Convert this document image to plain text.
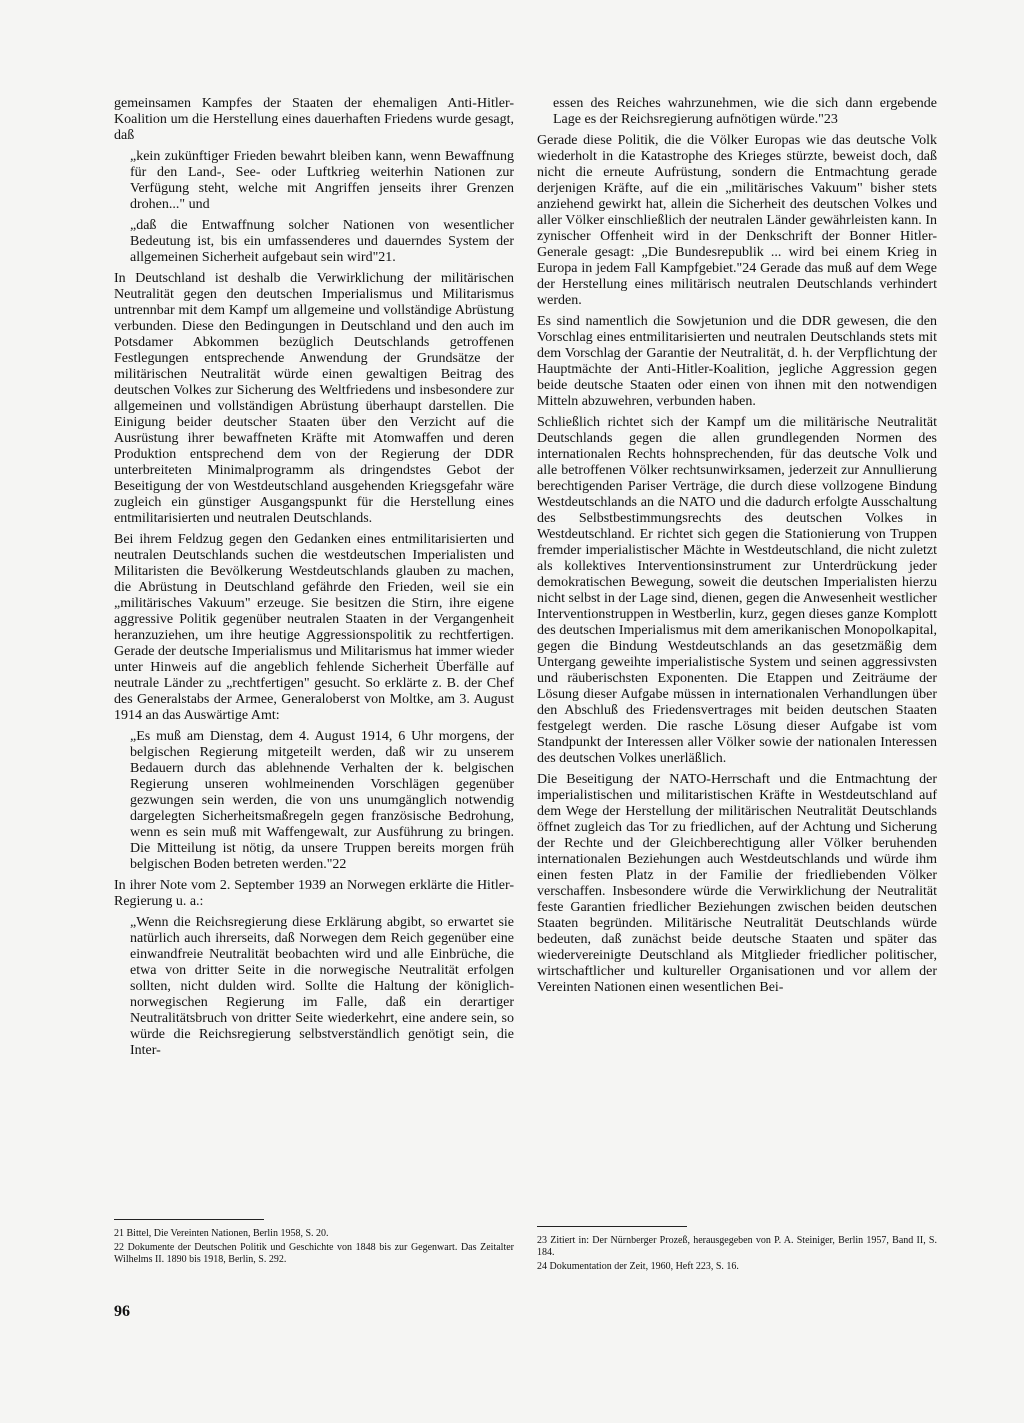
gemeinsamen Kampfes der Staaten der ehemaligen Anti-Hitler-Koalition um die Herstellung eines dauerhaften Friedens wurde gesagt, daß

„kein zukünftiger Frieden bewahrt bleiben kann, wenn Bewaffnung für den Land-, See- oder Luftkrieg weiterhin Nationen zur Verfügung steht, welche mit Angriffen jenseits ihrer Grenzen drohen..." und

„daß die Entwaffnung solcher Nationen von wesentlicher Bedeutung ist, bis ein umfassenderes und dauerndes System der allgemeinen Sicherheit aufgebaut sein wird"21.

In Deutschland ist deshalb die Verwirklichung der militärischen Neutralität gegen den deutschen Imperialismus und Militarismus untrennbar mit dem Kampf um allgemeine und vollständige Abrüstung verbunden. Diese den Bedingungen in Deutschland und den auch im Potsdamer Abkommen bezüglich Deutschlands getroffenen Festlegungen entsprechende Anwendung der Grundsätze der militärischen Neutralität würde einen gewaltigen Beitrag des deutschen Volkes zur Sicherung des Weltfriedens und insbesondere zur allgemeinen und vollständigen Abrüstung überhaupt darstellen. Die Einigung beider deutscher Staaten über den Verzicht auf die Ausrüstung ihrer bewaffneten Kräfte mit Atomwaffen und deren Produktion entsprechend dem von der Regierung der DDR unterbreiteten Minimalprogramm als dringendstes Gebot der Beseitigung der von Westdeutschland ausgehenden Kriegsgefahr wäre zugleich ein günstiger Ausgangspunkt für die Herstellung eines entmilitarisierten und neutralen Deutschlands.

Bei ihrem Feldzug gegen den Gedanken eines entmilitarisierten und neutralen Deutschlands suchen die westdeutschen Imperialisten und Militaristen die Bevölkerung Westdeutschlands glauben zu machen, die Abrüstung in Deutschland gefährde den Frieden, weil sie ein „militärisches Vakuum" erzeuge. Sie besitzen die Stirn, ihre eigene aggressive Politik gegenüber neutralen Staaten in der Vergangenheit heranzuziehen, um ihre heutige Aggressionspolitik zu rechtfertigen. Gerade der deutsche Imperialismus und Militarismus hat immer wieder unter Hinweis auf die angeblich fehlende Sicherheit Überfälle auf neutrale Länder zu „rechtfertigen" gesucht. So erklärte z. B. der Chef des Generalstabs der Armee, Generaloberst von Moltke, am 3. August 1914 an das Auswärtige Amt:

„Es muß am Dienstag, dem 4. August 1914, 6 Uhr morgens, der belgischen Regierung mitgeteilt werden, daß wir zu unserem Bedauern durch das ablehnende Verhalten der k. belgischen Regierung unseren wohlmeinenden Vorschlägen gegenüber gezwungen sein werden, die von uns unumgänglich notwendig dargelegten Sicherheitsmaßregeln gegen französische Bedrohung, wenn es sein muß mit Waffengewalt, zur Ausführung zu bringen. Die Mitteilung ist nötig, da unsere Truppen bereits morgen früh belgischen Boden betreten werden."22

In ihrer Note vom 2. September 1939 an Norwegen erklärte die Hitler-Regierung u. a.:

„Wenn die Reichsregierung diese Erklärung abgibt, so erwartet sie natürlich auch ihrerseits, daß Norwegen dem Reich gegenüber eine einwandfreie Neutralität beobachten wird und alle Einbrüche, die etwa von dritter Seite in die norwegische Neutralität erfolgen sollten, nicht dulden wird. Sollte die Haltung der königlich-norwegischen Regierung im Falle, daß ein derartiger Neutralitätsbruch von dritter Seite wiederkehrt, eine andere sein, so würde die Reichsregierung selbstverständlich genötigt sein, die Inter-

21 Bittel, Die Vereinten Nationen, Berlin 1958, S. 20.

22 Dokumente der Deutschen Politik und Geschichte von 1848 bis zur Gegenwart. Das Zeitalter Wilhelms II. 1890 bis 1918, Berlin, S. 292.

essen des Reiches wahrzunehmen, wie die sich dann ergebende Lage es der Reichsregierung aufnötigen würde."23

Gerade diese Politik, die die Völker Europas wie das deutsche Volk wiederholt in die Katastrophe des Krieges stürzte, beweist doch, daß nicht die erneute Aufrüstung, sondern die Entmachtung gerade derjenigen Kräfte, auf die ein „militärisches Vakuum" bisher stets anziehend gewirkt hat, allein die Sicherheit des deutschen Volkes und aller Völker einschließlich der neutralen Länder gewährleisten kann. In zynischer Offenheit wird in der Denkschrift der Bonner Hitler-Generale gesagt: „Die Bundesrepublik ... wird bei einem Krieg in Europa in jedem Fall Kampfgebiet."24 Gerade das muß auf dem Wege der Herstellung eines militärisch neutralen Deutschlands verhindert werden.

Es sind namentlich die Sowjetunion und die DDR gewesen, die den Vorschlag eines entmilitarisierten und neutralen Deutschlands stets mit dem Vorschlag der Garantie der Neutralität, d. h. der Verpflichtung der Hauptmächte der Anti-Hitler-Koalition, jegliche Aggression gegen beide deutsche Staaten oder einen von ihnen mit den notwendigen Mitteln abzuwehren, verbunden haben.

Schließlich richtet sich der Kampf um die militärische Neutralität Deutschlands gegen die allen grundlegenden Normen des internationalen Rechts hohnsprechenden, für das deutsche Volk und alle betroffenen Völker rechtsunwirksamen, jederzeit zur Annullierung berechtigenden Pariser Verträge, die durch diese vollzogene Bindung Westdeutschlands an die NATO und die dadurch erfolgte Ausschaltung des Selbstbestimmungsrechts des deutschen Volkes in Westdeutschland. Er richtet sich gegen die Stationierung von Truppen fremder imperialistischer Mächte in Westdeutschland, die nicht zuletzt als kollektives Interventionsinstrument zur Unterdrückung jeder demokratischen Bewegung, soweit die deutschen Imperialisten hierzu nicht selbst in der Lage sind, dienen, gegen die Anwesenheit westlicher Interventionstruppen in Westberlin, kurz, gegen dieses ganze Komplott des deutschen Imperialismus mit dem amerikanischen Monopolkapital, gegen die Bindung Westdeutschlands an das gesetzmäßig dem Untergang geweihte imperialistische System und seinen aggressivsten und räuberischsten Exponenten. Die Etappen und Zeiträume der Lösung dieser Aufgabe müssen in internationalen Verhandlungen über den Abschluß des Friedensvertrages mit beiden deutschen Staaten festgelegt werden. Die rasche Lösung dieser Aufgabe ist vom Standpunkt der Interessen aller Völker sowie der nationalen Interessen des deutschen Volkes unerläßlich.

Die Beseitigung der NATO-Herrschaft und die Entmachtung der imperialistischen und militaristischen Kräfte in Westdeutschland auf dem Wege der Herstellung der militärischen Neutralität Deutschlands öffnet zugleich das Tor zu friedlichen, auf der Achtung und Sicherung der Rechte und der Gleichberechtigung aller Völker beruhenden internationalen Beziehungen auch Westdeutschlands und würde ihm einen festen Platz in der Familie der friedliebenden Völker verschaffen. Insbesondere würde die Verwirklichung der Neutralität feste Garantien friedlicher Beziehungen zwischen beiden deutschen Staaten begründen. Militärische Neutralität Deutschlands würde bedeuten, daß zunächst beide deutsche Staaten und später das wiedervereinigte Deutschland als Mitglieder friedlicher politischer, wirtschaftlicher und kultureller Organisationen und vor allem der Vereinten Nationen einen wesentlichen Bei-

23 Zitiert in: Der Nürnberger Prozeß, herausgegeben von P. A. Steiniger, Berlin 1957, Band II, S. 184.

24 Dokumentation der Zeit, 1960, Heft 223, S. 16.

96
